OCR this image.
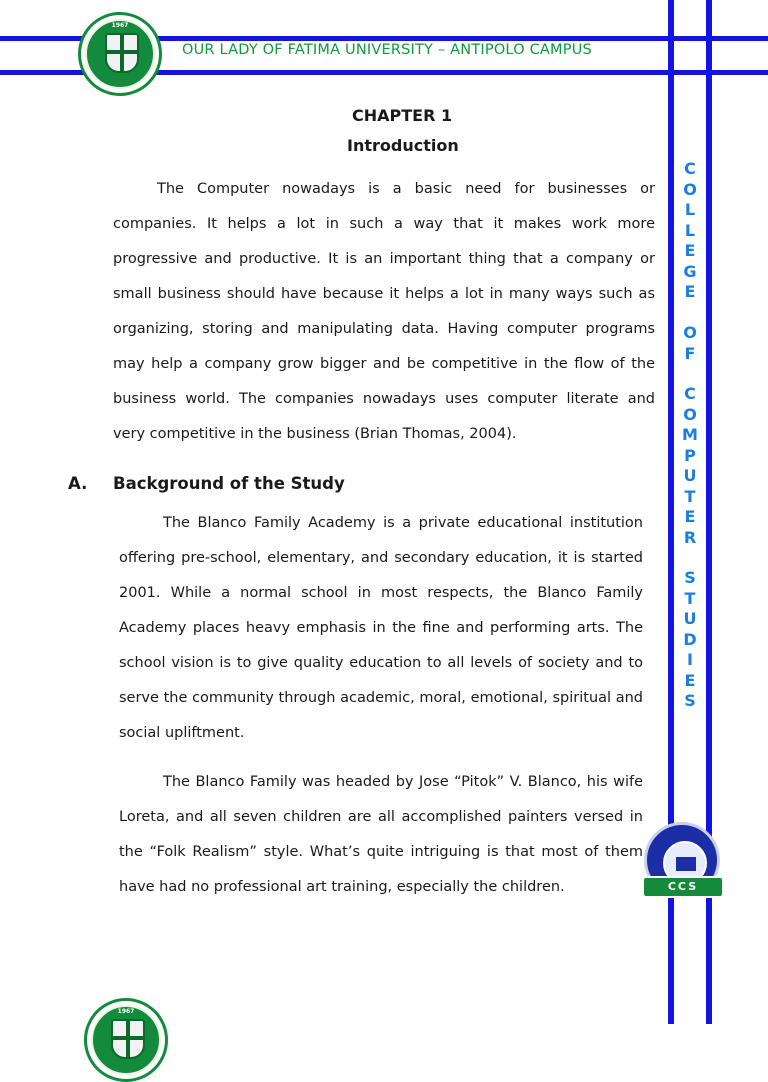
1967
OUR LADY OF FATIMA UNIVERSITY – ANTIPOLO CAMPUS
CHAPTER 1
Introduction

The Computer nowadays is a basic need for businesses or companies. It helps a lot in such a way that it makes work more progressive and productive. It is an important thing that a company or small business should have because it helps a lot in many ways such as organizing, storing and manipulating data. Having computer programs may help a company grow bigger and be competitive in the flow of the business world. The companies nowadays uses computer literate and very competitive in the business (Brian Thomas, 2004).

A. Background of the Study

The Blanco Family Academy is a private educational institution offering pre-school, elementary, and secondary education, it is started 2001. While a normal school in most respects, the Blanco Family Academy places heavy emphasis in the fine and performing arts. The school vision is to give quality education to all levels of society and to serve the community through academic, moral, emotional, spiritual and social upliftment.

The Blanco Family was headed by Jose “Pitok” V. Blanco, his wife Loreta, and all seven children are all accomplished painters versed in the “Folk Realism” style. What’s quite intriguing is that most of them have had no professional art training, especially the children.

C
O
L
L
E
G
E
O
F
C
O
M
P
U
T
E
R
S
T
U
D
I
E
S
CCS
1967
